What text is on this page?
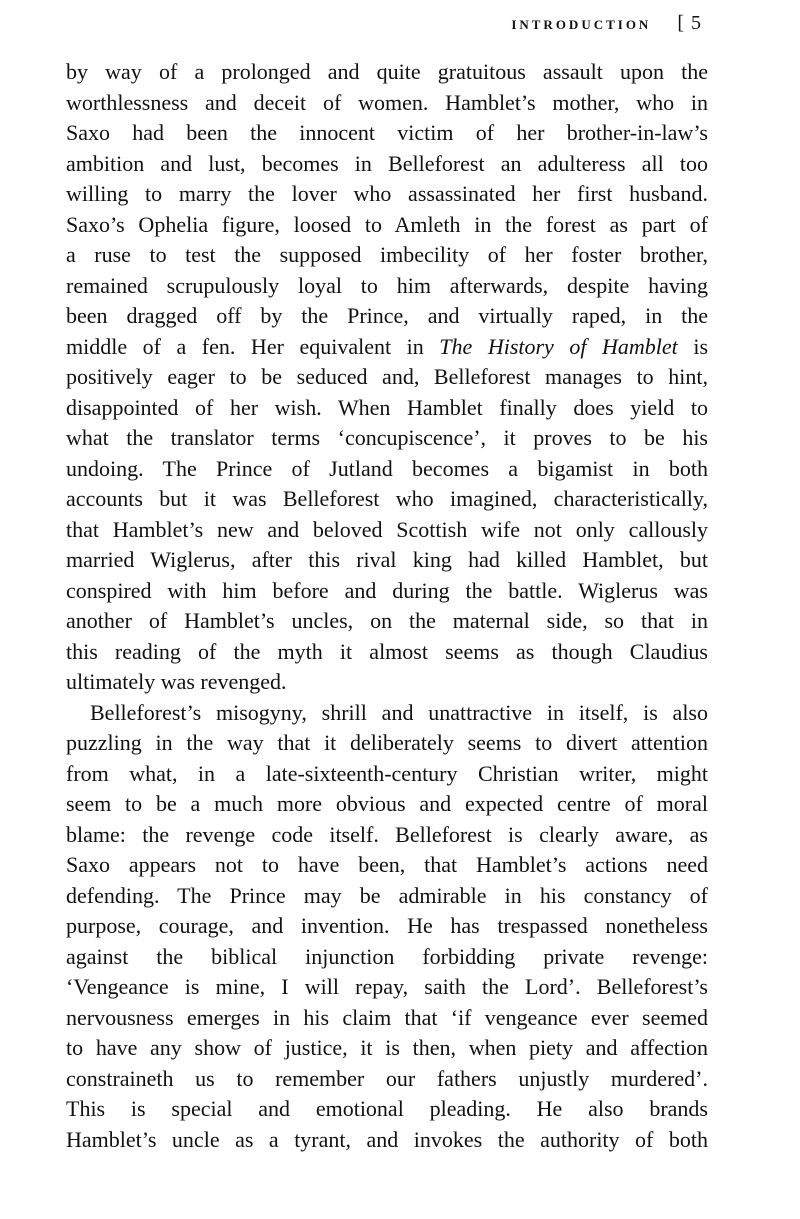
INTRODUCTION [ 5

by way of a prolonged and quite gratuitous assault upon the
worthlessness and deceit of women. Hamblet’s mother, who in
Saxo had been the innocent victim of her brother-in-law’s
ambition and lust, becomes in Belleforest an adulteress all too
willing to marry the lover who assassinated her first husband.
Saxo’s Ophelia figure, loosed to Amleth in the forest as part of
a ruse to test the supposed imbecility of her foster brother,
remained scrupulously loyal to him afterwards, despite having
been dragged off by the Prince, and virtually raped, in the
middle of a fen. Her equivalent in The History of Hamblet is
positively eager to be seduced and, Belleforest manages to hint,
disappointed of her wish. When Hamblet finally does yield to
what the translator terms ‘concupiscence’, it proves to be his
undoing. The Prince of Jutland becomes a bigamist in both
accounts but it was Belleforest who imagined, characteristically,
that Hamblet’s new and beloved Scottish wife not only callously
married Wiglerus, after this rival king had killed Hamblet, but
conspired with him before and during the battle. Wiglerus was
another of Hamblet’s uncles, on the maternal side, so that in
this reading of the myth it almost seems as though Claudius
ultimately was revenged.

Belleforest’s misogyny, shrill and unattractive in itself, is also
puzzling in the way that it deliberately seems to divert attention
from what, in a late-sixteenth-century Christian writer, might
seem to be a much more obvious and expected centre of moral
blame: the revenge code itself. Belleforest is clearly aware, as
Saxo appears not to have been, that Hamblet’s actions need
defending. The Prince may be admirable in his constancy of
purpose, courage, and invention. He has trespassed nonetheless
against the biblical injunction forbidding private revenge:
‘Vengeance is mine, I will repay, saith the Lord’. Belleforest’s
nervousness emerges in his claim that ‘if vengeance ever seemed
to have any show of justice, it is then, when piety and affection
constraineth us to remember our fathers unjustly murdered’.
This is special and emotional pleading. He also brands
Hamblet’s uncle as a tyrant, and invokes the authority of both
